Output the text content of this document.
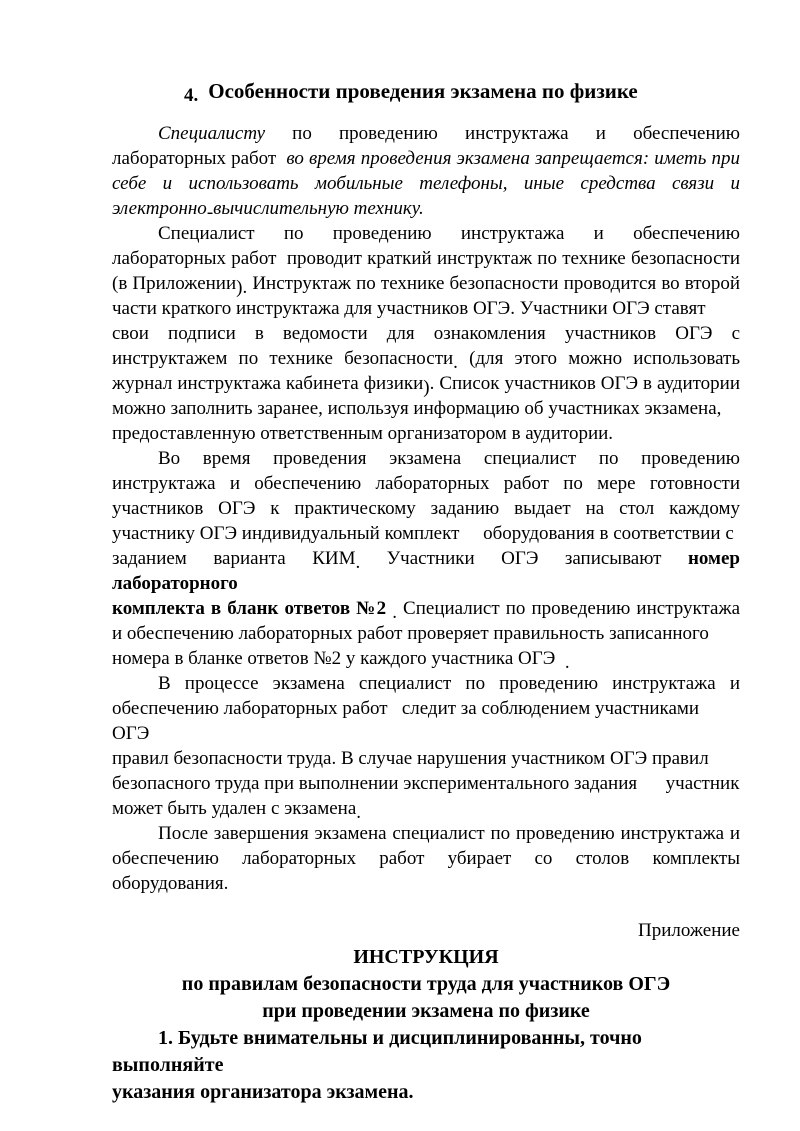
4. Особенности проведения экзамена по физике
Специалисту по проведению инструктажа и обеспечению
лабораторных работ  во время проведения экзамена запрещается: иметь при
себе и использовать мобильные телефоны, иные средства связи и
электронно-вычислительную технику.
Специалист по проведению инструктажа и обеспечению
лабораторных работ  проводит краткий инструктаж по технике безопасности
(в Приложении). Инструктаж по технике безопасности проводится во второй
части краткого инструктажа для участников ОГЭ. Участники ОГЭ ставят
свои подписи в ведомости для ознакомления участников ОГЭ с
инструктажем по технике безопасности. (для этого можно использовать
журнал инструктажа кабинета физики). Список участников ОГЭ в аудитории
можно заполнить заранее, используя информацию об участниках экзамена,
предоставленную ответственным организатором в аудитории.
Во время проведения экзамена специалист по проведению
инструктажа и обеспечению лабораторных работ по мере готовности
участников ОГЭ к практическому заданию выдает на стол каждому
участнику ОГЭ индивидуальный комплект     оборудования в соответствии с
заданием варианта КИМ. Участники ОГЭ записывают номер лабораторного
комплекта в бланк ответов №2 . Специалист по проведению инструктажа
и обеспечению лабораторных работ проверяет правильность записанного
номера в бланке ответов №2 у каждого участника ОГЭ  .
В процессе экзамена специалист по проведению инструктажа и
обеспечению лабораторных работ   следит за соблюдением участниками ОГЭ
правил безопасности труда. В случае нарушения участником ОГЭ правил
безопасного труда при выполнении экспериментального задания      участник
может быть удален с экзамена.
После завершения экзамена специалист по проведению инструктажа и
обеспечению лабораторных работ убирает со столов комплекты
оборудования.
Приложение
ИНСТРУКЦИЯ
по правилам безопасности труда для участников ОГЭ
при проведении экзамена по физике
1. Будьте внимательны и дисциплинированны, точно выполняйте
указания организатора экзамена.
